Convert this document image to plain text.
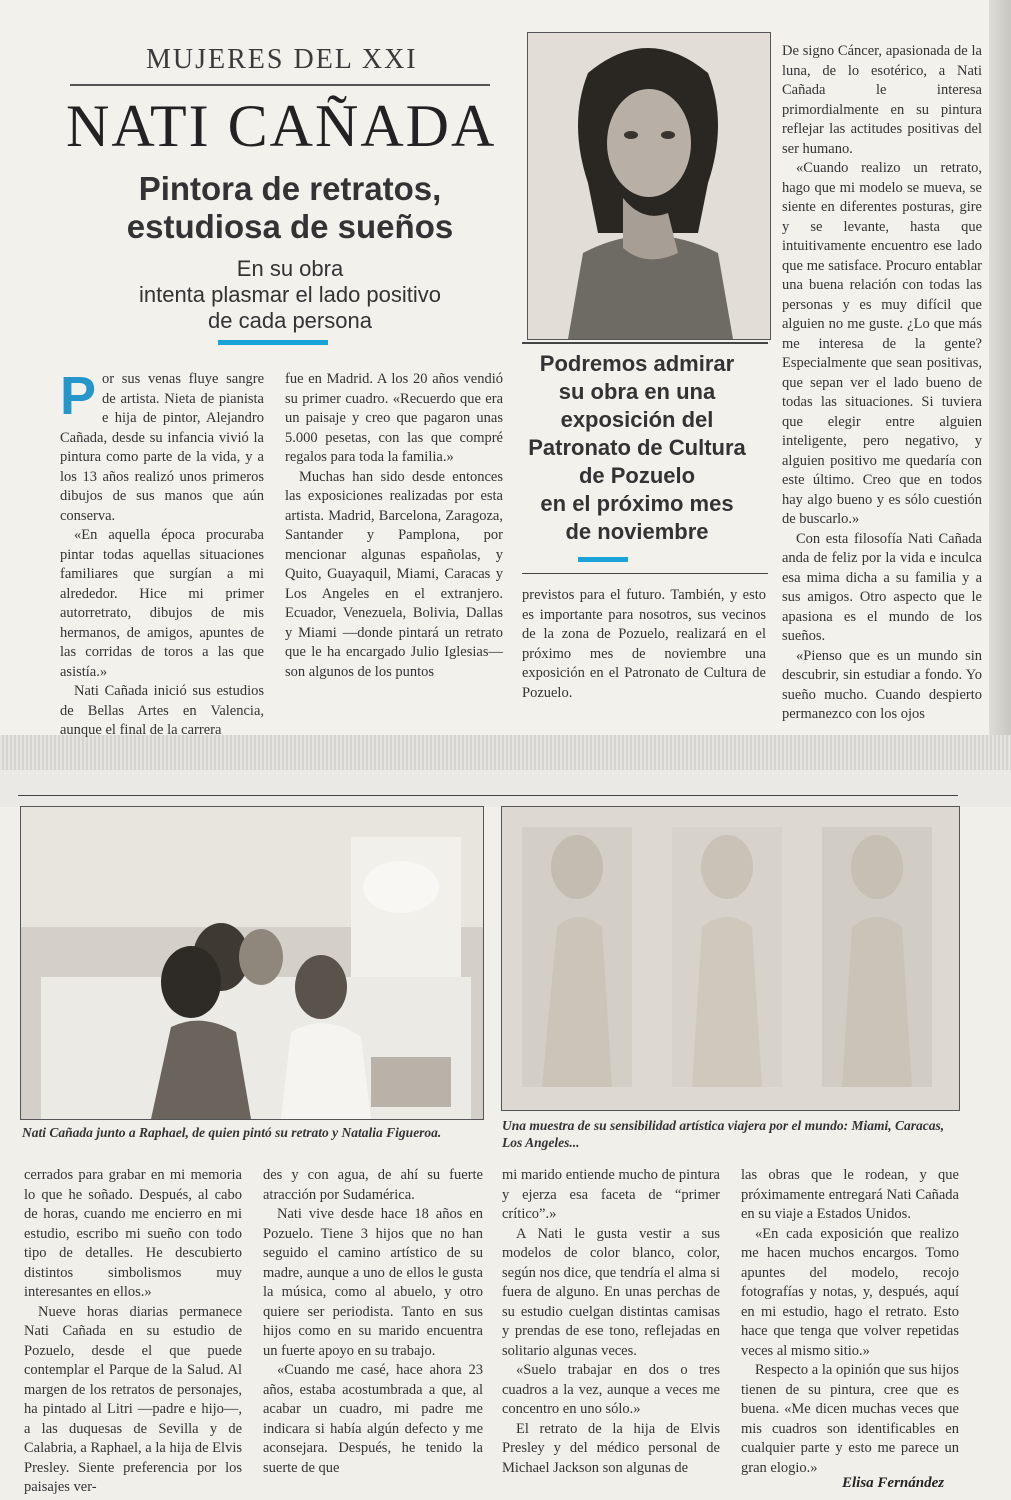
MUJERES DEL XXI
NATI CAÑADA
Pintora de retratos,
estudiosa de sueños
En su obra
intenta plasmar el lado positivo
de cada persona
Podremos admirar
su obra en una
exposición del
Patronato de Cultura
de Pozuelo
en el próximo mes
de noviembre

Por sus venas fluye sangre de artista. Nieta de pianista e hija de pintor, Alejandro Cañada, desde su infancia vivió la pintura como parte de la vida, y a los 13 años realizó unos primeros dibujos de sus manos que aún conserva.

«En aquella época procuraba pintar todas aquellas situaciones familiares que surgían a mi alrededor. Hice mi primer autorretrato, dibujos de mis hermanos, de amigos, apuntes de las corridas de toros a las que asistía.»

Nati Cañada inició sus estudios de Bellas Artes en Valencia, aunque el final de la carrera

fue en Madrid. A los 20 años vendió su primer cuadro. «Recuerdo que era un paisaje y creo que pagaron unas 5.000 pesetas, con las que compré regalos para toda la familia.»

Muchas han sido desde entonces las exposiciones realizadas por esta artista. Madrid, Barcelona, Zaragoza, Santander y Pamplona, por mencionar algunas españolas, y Quito, Guayaquil, Miami, Caracas y Los Angeles en el extranjero. Ecuador, Venezuela, Bolivia, Dallas y Miami —donde pintará un retrato que le ha encargado Julio Iglesias— son algunos de los puntos

previstos para el futuro. También, y esto es importante para nosotros, sus vecinos de la zona de Pozuelo, realizará en el próximo mes de noviembre una exposición en el Patronato de Cultura de Pozuelo.

De signo Cáncer, apasionada de la luna, de lo esotérico, a Nati Cañada le interesa primordialmente en su pintura reflejar las actitudes positivas del ser humano.

«Cuando realizo un retrato, hago que mi modelo se mueva, se siente en diferentes posturas, gire y se levante, hasta que intuitivamente encuentro ese lado que me satisface. Procuro entablar una buena relación con todas las personas y es muy difícil que alguien no me guste. ¿Lo que más me interesa de la gente? Especialmente que sean positivas, que sepan ver el lado bueno de todas las situaciones. Si tuviera que elegir entre alguien inteligente, pero negativo, y alguien positivo me quedaría con este último. Creo que en todos hay algo bueno y es sólo cuestión de buscarlo.»

Con esta filosofía Nati Cañada anda de feliz por la vida e inculca esa mima dicha a su familia y a sus amigos. Otro aspecto que le apasiona es el mundo de los sueños.

«Pienso que es un mundo sin descubrir, sin estudiar a fondo. Yo sueño mucho. Cuando despierto permanezco con los ojos

Nati Cañada junto a Raphael, de quien pintó su retrato y Natalia Figueroa.	Una muestra de su sensibilidad artística viajera por el mundo: Miami, Caracas, Los Angeles...

cerrados para grabar en mi memoria lo que he soñado. Después, al cabo de horas, cuando me encierro en mi estudio, escribo mi sueño con todo tipo de detalles. He descubierto distintos simbolismos muy interesantes en ellos.»

Nueve horas diarias permanece Nati Cañada en su estudio de Pozuelo, desde el que puede contemplar el Parque de la Salud. Al margen de los retratos de personajes, ha pintado al Litri —padre e hijo—, a las duquesas de Sevilla y de Calabria, a Raphael, a la hija de Elvis Presley. Siente preferencia por los paisajes ver-

des y con agua, de ahí su fuerte atracción por Sudamérica.

Nati vive desde hace 18 años en Pozuelo. Tiene 3 hijos que no han seguido el camino artístico de su madre, aunque a uno de ellos le gusta la música, como al abuelo, y otro quiere ser periodista. Tanto en sus hijos como en su marido encuentra un fuerte apoyo en su trabajo.

«Cuando me casé, hace ahora 23 años, estaba acostumbrada a que, al acabar un cuadro, mi padre me indicara si había algún defecto y me aconsejara. Después, he tenido la suerte de que

mi marido entiende mucho de pintura y ejerza esa faceta de “primer crítico”.»

A Nati le gusta vestir a sus modelos de color blanco, color, según nos dice, que tendría el alma si fuera de alguno. En unas perchas de su estudio cuelgan distintas camisas y prendas de ese tono, reflejadas en solitario algunas veces.

«Suelo trabajar en dos o tres cuadros a la vez, aunque a veces me concentro en uno sólo.»

El retrato de la hija de Elvis Presley y del médico personal de Michael Jackson son algunas de

las obras que le rodean, y que próximamente entregará Nati Cañada en su viaje a Estados Unidos.

«En cada exposición que realizo me hacen muchos encargos. Tomo apuntes del modelo, recojo fotografías y notas, y, después, aquí en mi estudio, hago el retrato. Esto hace que tenga que volver repetidas veces al mismo sitio.»

Respecto a la opinión que sus hijos tienen de su pintura, cree que es buena. «Me dicen muchas veces que mis cuadros son identificables en cualquier parte y esto me parece un gran elogio.»

Elisa Fernández
